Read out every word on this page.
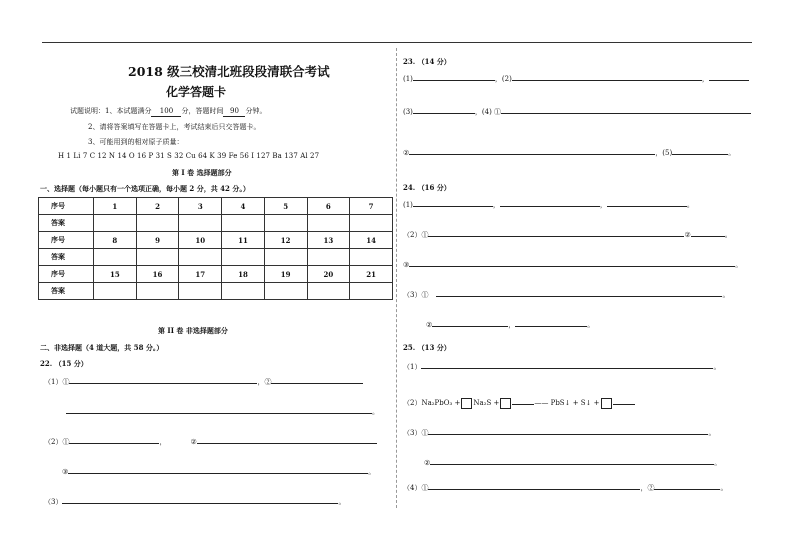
2018 级三校清北班段段清联合考试
化学答题卡
试题说明：1、本试题满分 100 分，答题时间 90 分钟。
2、请将答案填写在答题卡上，考试结束后只交答题卡。
3、可能用到的相对原子质量：
H 1 Li 7 C 12 N 14 O 16 P 31 S 32 Cu 64 K 39 Fe 56 I 127 Ba 137 Al 27
第 I 卷 选择题部分
一、选择题（每小题只有一个选项正确，每小题 2 分，共 42 分。）
序号	1	2	3	4	5	6	7
答案							
序号	8	9	10	11	12	13	14
答案							
序号	15	16	17	18	19	20	21
答案							
第 II 卷 非选择题部分
二、非选择题（4 道大题，共 58 分。）
22. （15 分）
（1）①	，②
。
（2）①	，	②
③	。
（3）	。
23. （14 分）
(1)	，(2)	，
(3)	，(4) ①
②	，(5)	。
24. （16 分）
(1)	，	，	。
（2）①	②	。
③	。
（3）①	。
②	，	。
25. （13 分）
（1）	。
（2）Na₂PbO₃ + Na₂S +	—— PbS↓ + S↓ +
（3）①	。
②	。
（4）①	，②	。
